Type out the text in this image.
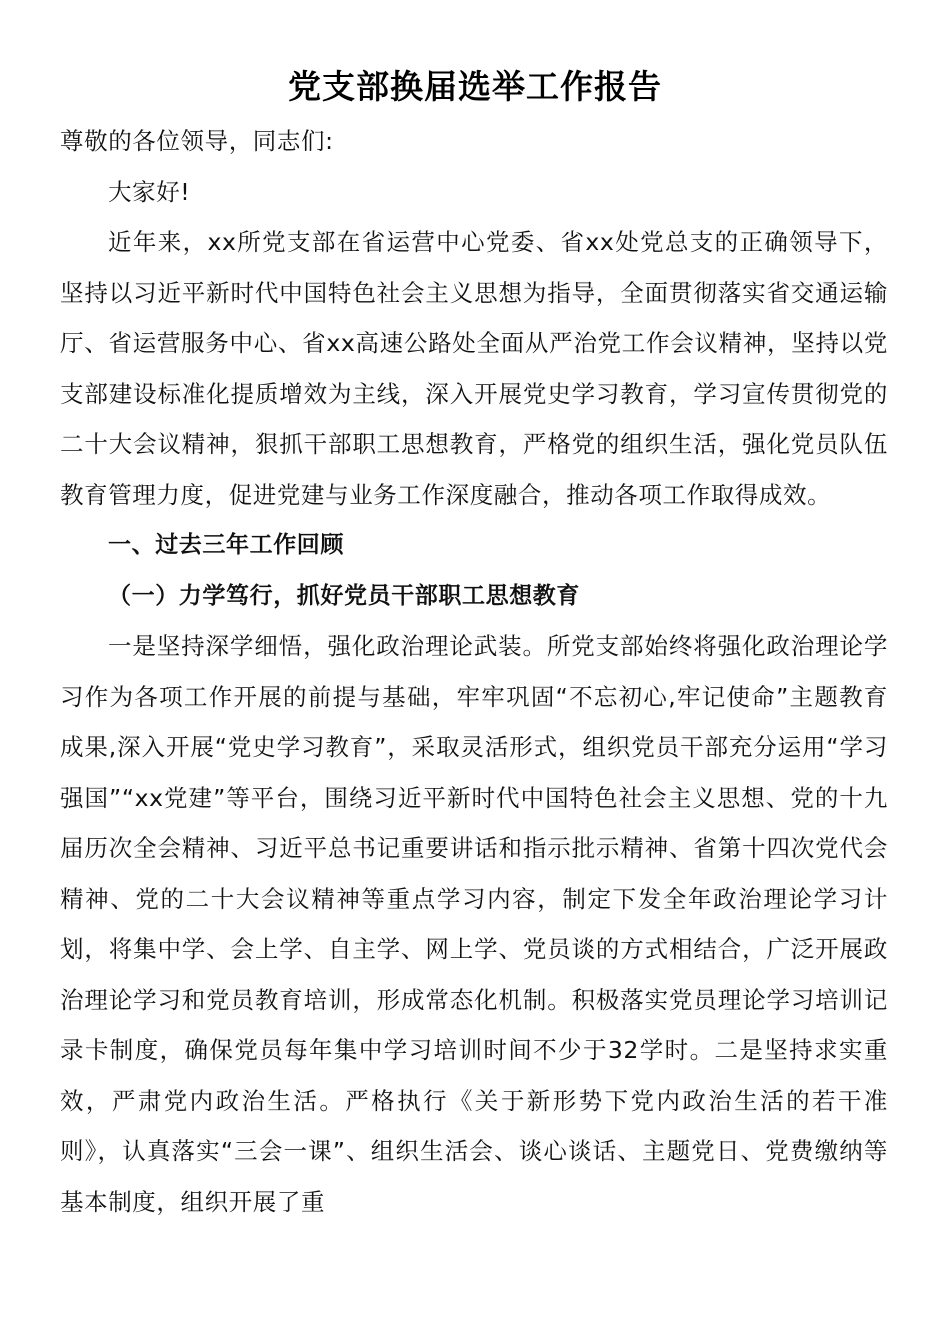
党支部换届选举工作报告

尊敬的各位领导，同志们:

大家好!

近年来，xx所党支部在省运营中心党委、省xx处党总支的正确领导下，坚持以习近平新时代中国特色社会主义思想为指导，全面贯彻落实省交通运输厅、省运营服务中心、省xx高速公路处全面从严治党工作会议精神，坚持以党支部建设标准化提质增效为主线，深入开展党史学习教育，学习宣传贯彻党的二十大会议精神，狠抓干部职工思想教育，严格党的组织生活，强化党员队伍教育管理力度，促进党建与业务工作深度融合，推动各项工作取得成效。

一、过去三年工作回顾

（一）力学笃行，抓好党员干部职工思想教育

一是坚持深学细悟，强化政治理论武装。所党支部始终将强化政治理论学习作为各项工作开展的前提与基础，牢牢巩固“不忘初心,牢记使命”主题教育成果,深入开展“党史学习教育”，采取灵活形式，组织党员干部充分运用“学习强国”“xx党建”等平台，围绕习近平新时代中国特色社会主义思想、党的十九届历次全会精神、习近平总书记重要讲话和指示批示精神、省第十四次党代会精神、党的二十大会议精神等重点学习内容，制定下发全年政治理论学习计划，将集中学、会上学、自主学、网上学、党员谈的方式相结合，广泛开展政治理论学习和党员教育培训，形成常态化机制。积极落实党员理论学习培训记录卡制度，确保党员每年集中学习培训时间不少于32学时。二是坚持求实重效，严肃党内政治生活。严格执行《关于新形势下党内政治生活的若干准则》，认真落实“三会一课”、组织生活会、谈心谈话、主题党日、党费缴纳等基本制度，组织开展了重
